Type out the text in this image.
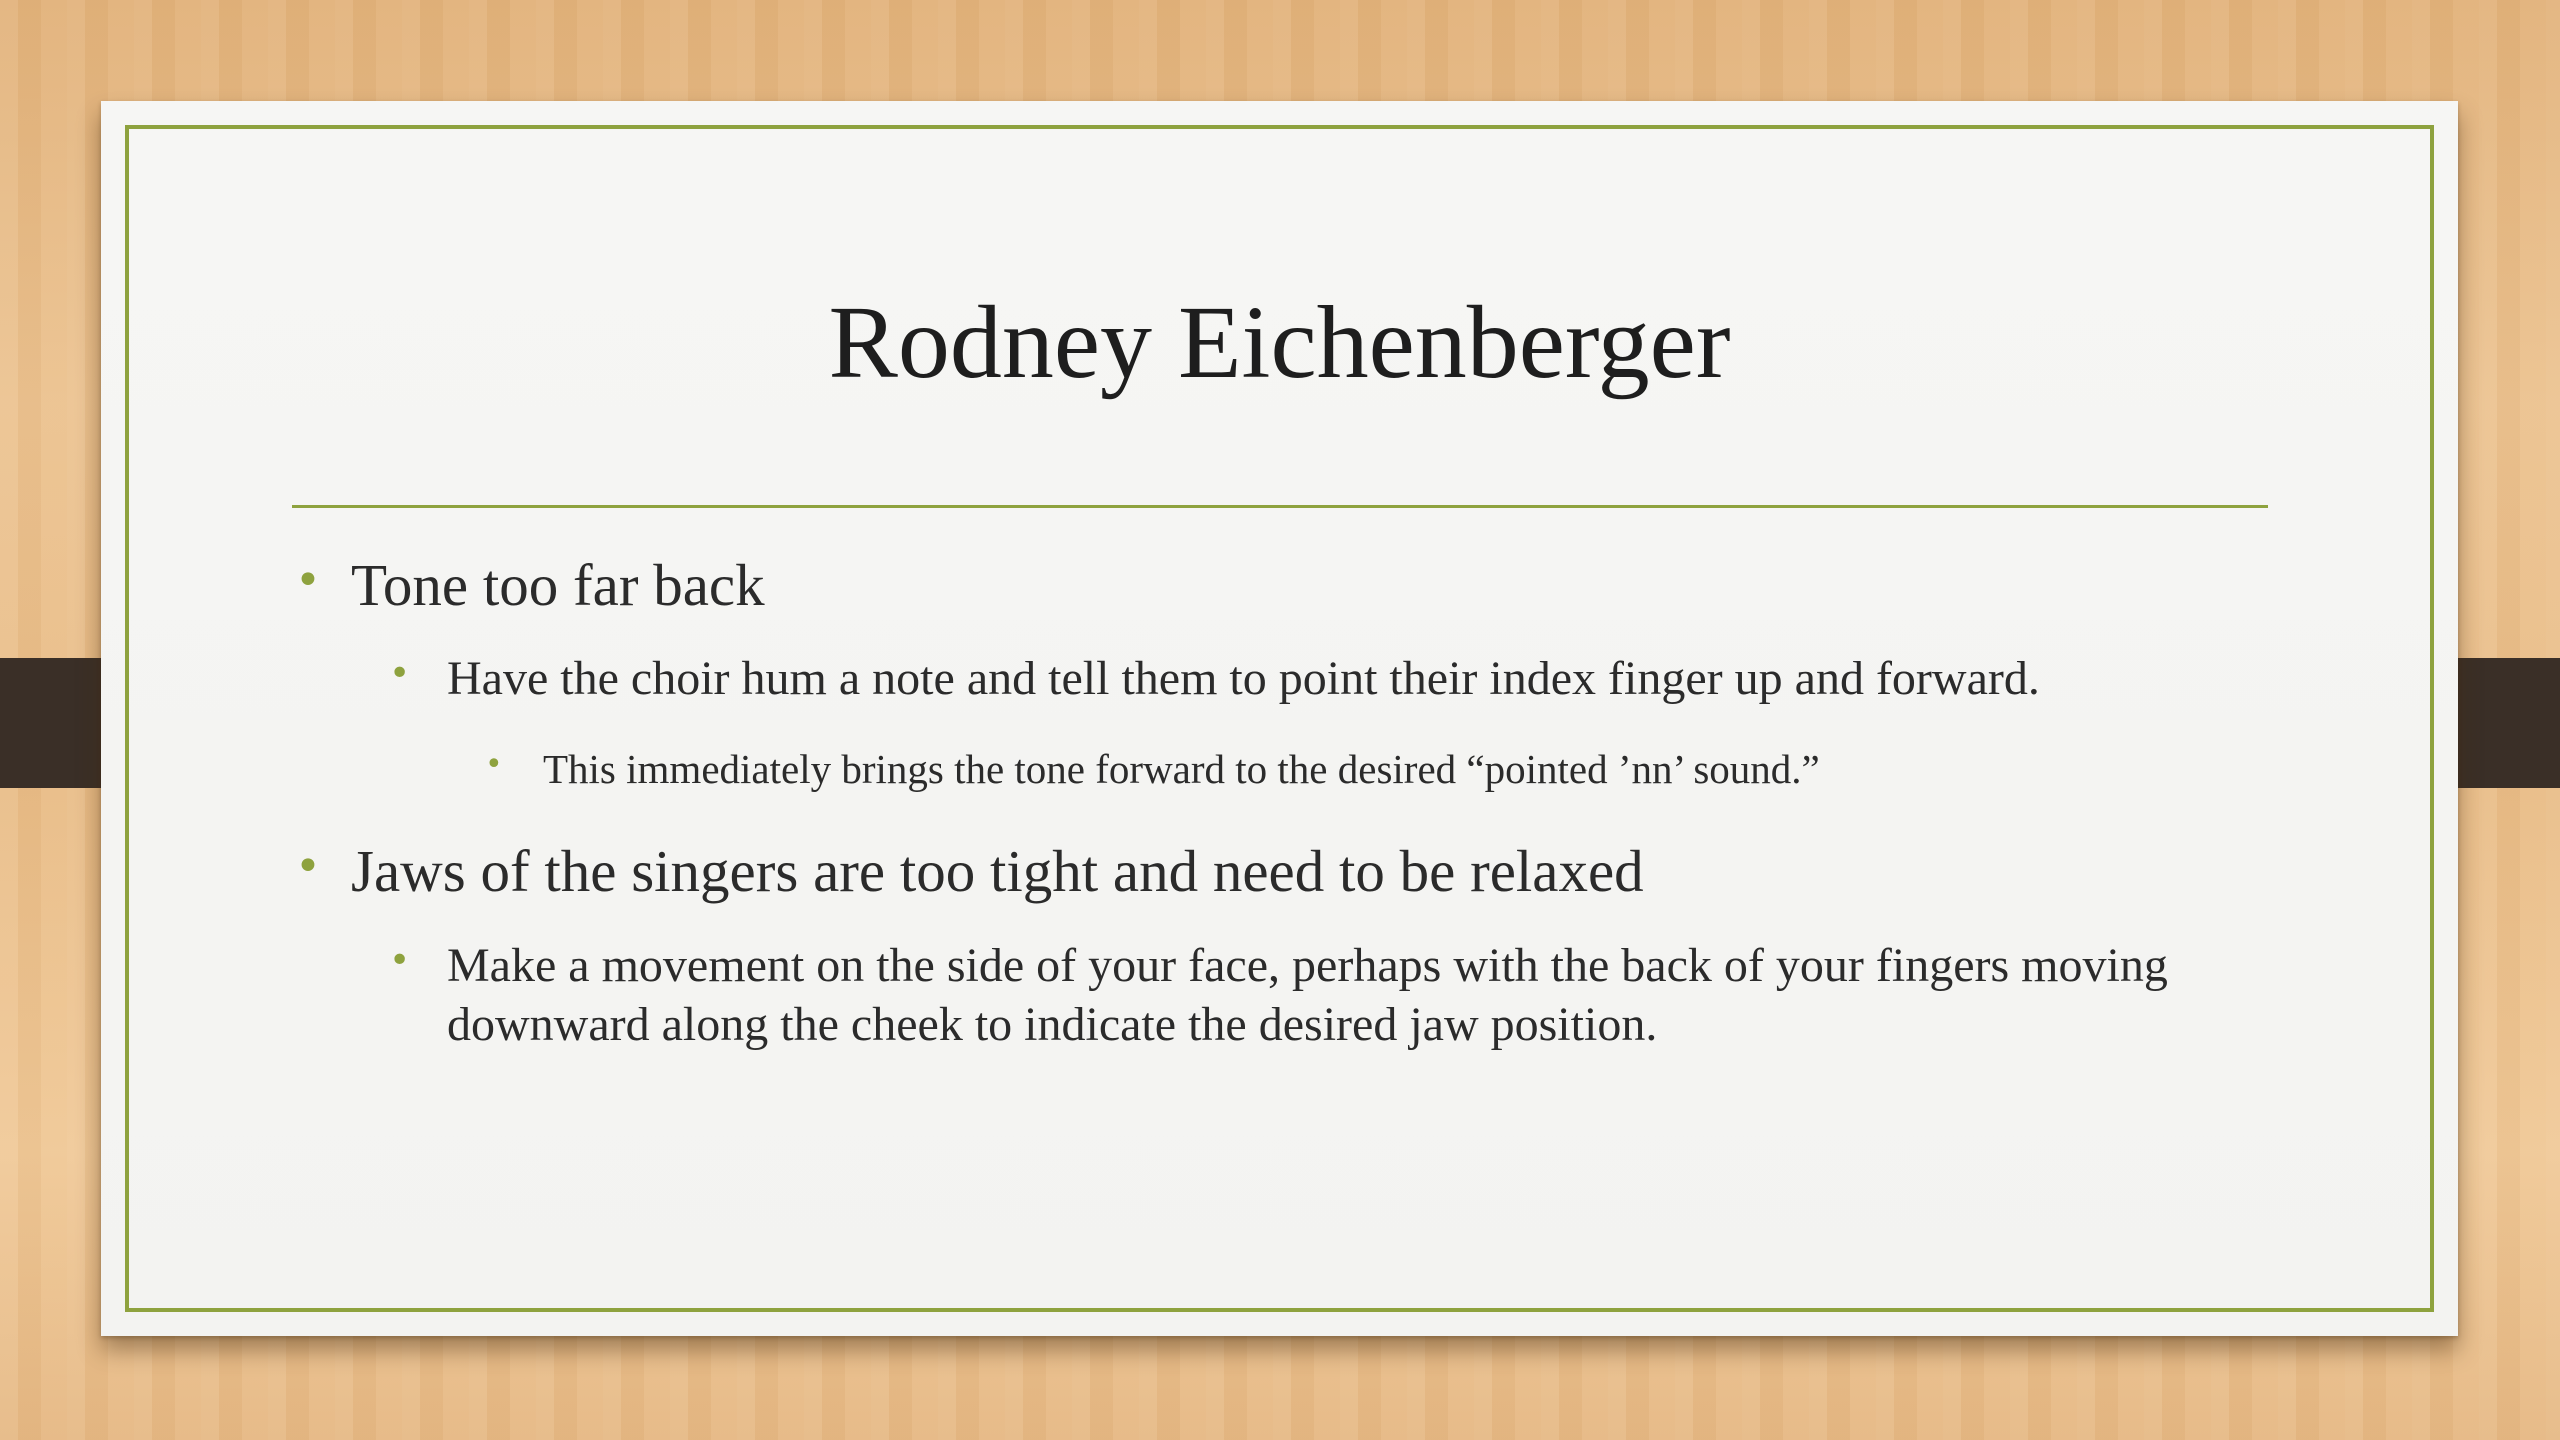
Rodney Eichenberger
• Tone too far back
• Have the choir hum a note and tell them to point their index finger up and forward.
• This immediately brings the tone forward to the desired “pointed ’nn’ sound.”
• Jaws of the singers are too tight and need to be relaxed
• Make a movement on the side of your face, perhaps with the back of your fingers moving downward along the cheek to indicate the desired jaw position.
